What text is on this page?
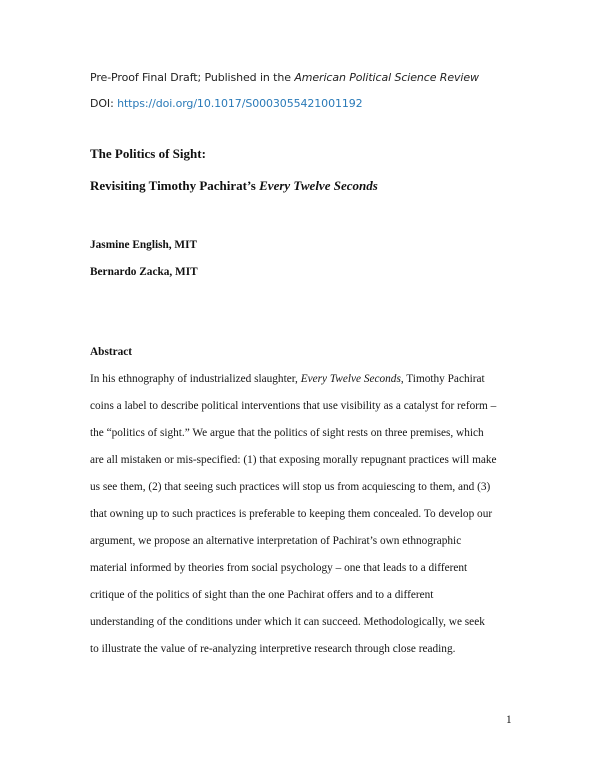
Pre-Proof Final Draft; Published in the American Political Science Review
DOI: https://doi.org/10.1017/S0003055421001192
The Politics of Sight:
Revisiting Timothy Pachirat’s Every Twelve Seconds
Jasmine English, MIT
Bernardo Zacka, MIT
Abstract
In his ethnography of industrialized slaughter, Every Twelve Seconds, Timothy Pachirat
coins a label to describe political interventions that use visibility as a catalyst for reform –
the “politics of sight.” We argue that the politics of sight rests on three premises, which
are all mistaken or mis-specified: (1) that exposing morally repugnant practices will make
us see them, (2) that seeing such practices will stop us from acquiescing to them, and (3)
that owning up to such practices is preferable to keeping them concealed. To develop our
argument, we propose an alternative interpretation of Pachirat’s own ethnographic
material informed by theories from social psychology – one that leads to a different
critique of the politics of sight than the one Pachirat offers and to a different
understanding of the conditions under which it can succeed. Methodologically, we seek
to illustrate the value of re-analyzing interpretive research through close reading.
1
